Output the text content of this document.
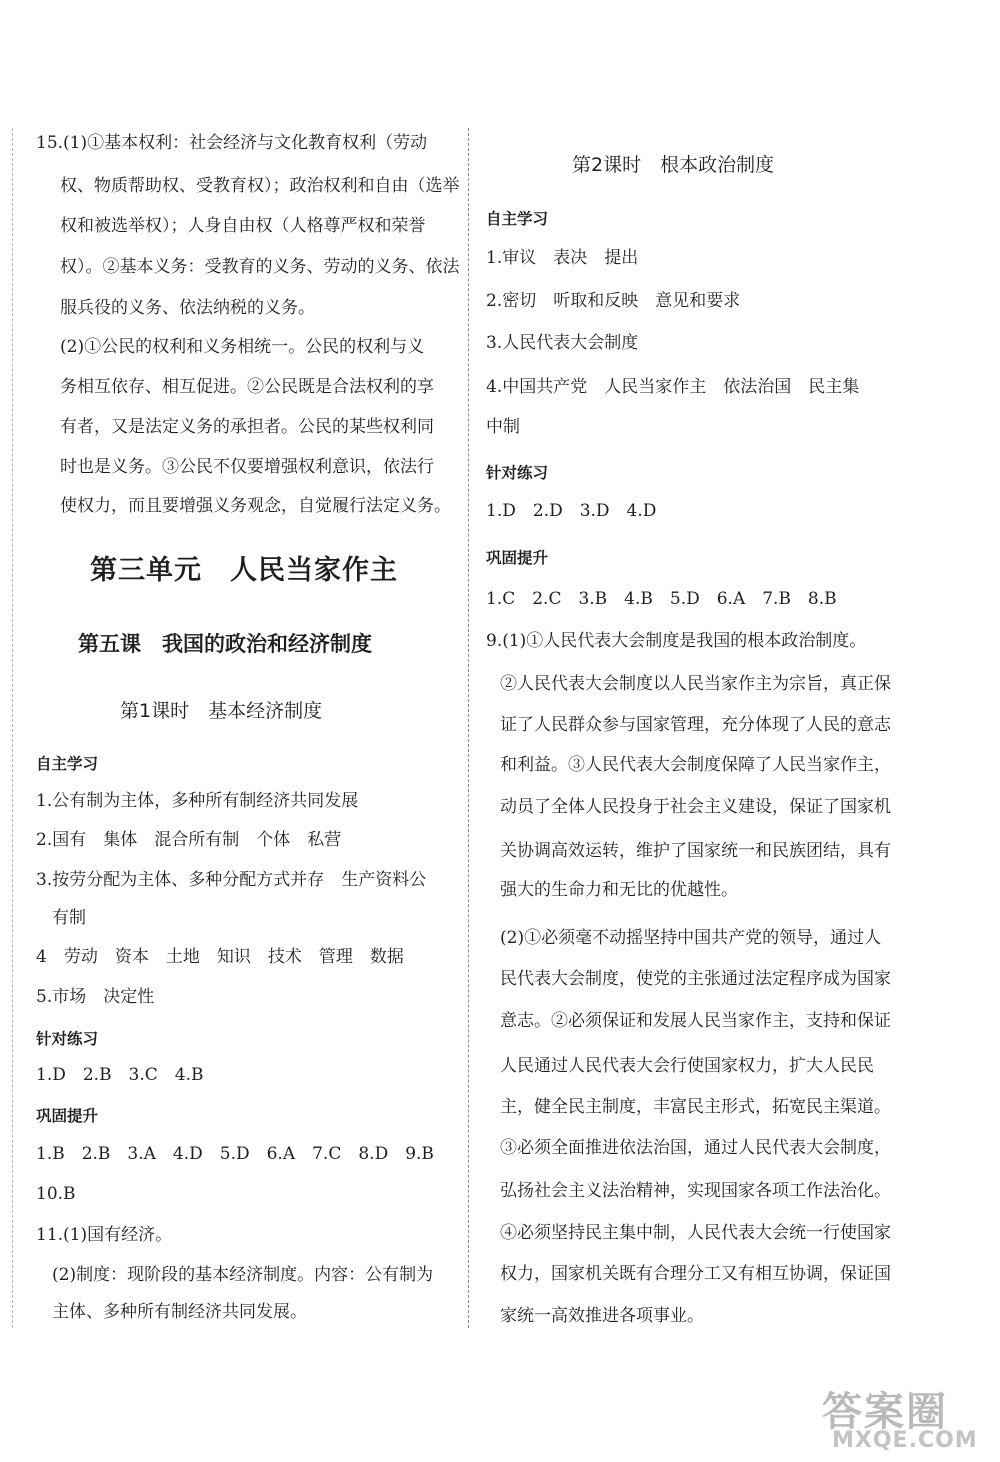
15.(1)①基本权利：社会经济与文化教育权利（劳动
权、物质帮助权、受教育权）；政治权利和自由（选举
权和被选举权）；人身自由权（人格尊严权和荣誉
权）。②基本义务：受教育的义务、劳动的义务、依法
服兵役的义务、依法纳税的义务。
(2)①公民的权利和义务相统一。公民的权利与义
务相互依存、相互促进。②公民既是合法权利的享
有者，又是法定义务的承担者。公民的某些权利同
时也是义务。③公民不仅要增强权利意识，依法行
使权力，而且要增强义务观念，自觉履行法定义务。
第三单元　人民当家作主
第五课　我国的政治和经济制度
第1课时　基本经济制度
自主学习
1.公有制为主体，多种所有制经济共同发展
2.国有　集体　混合所有制　个体　私营
3.按劳分配为主体、多种分配方式并存　生产资料公
有制
4　劳动　资本　土地　知识　技术　管理　数据
5.市场　决定性
针对练习
1.D　2.B　3.C　4.B
巩固提升
1.B　2.B　3.A　4.D　5.D　6.A　7.C　8.D　9.B
10.B
11.(1)国有经济。
(2)制度：现阶段的基本经济制度。内容：公有制为
主体、多种所有制经济共同发展。
第2课时　根本政治制度
自主学习
1.审议　表决　提出
2.密切　听取和反映　意见和要求
3.人民代表大会制度
4.中国共产党　人民当家作主　依法治国　民主集
中制
针对练习
1.D　2.D　3.D　4.D
巩固提升
1.C　2.C　3.B　4.B　5.D　6.A　7.B　8.B
9.(1)①人民代表大会制度是我国的根本政治制度。
②人民代表大会制度以人民当家作主为宗旨，真正保
证了人民群众参与国家管理，充分体现了人民的意志
和利益。③人民代表大会制度保障了人民当家作主，
动员了全体人民投身于社会主义建设，保证了国家机
关协调高效运转，维护了国家统一和民族团结，具有
强大的生命力和无比的优越性。
(2)①必须毫不动摇坚持中国共产党的领导，通过人
民代表大会制度，使党的主张通过法定程序成为国家
意志。②必须保证和发展人民当家作主，支持和保证
人民通过人民代表大会行使国家权力，扩大人民民
主，健全民主制度，丰富民主形式，拓宽民主渠道。
③必须全面推进依法治国，通过人民代表大会制度，
弘扬社会主义法治精神，实现国家各项工作法治化。
④必须坚持民主集中制，人民代表大会统一行使国家
权力，国家机关既有合理分工又有相互协调，保证国
家统一高效推进各项事业。
答案圈
MXQE.COM
